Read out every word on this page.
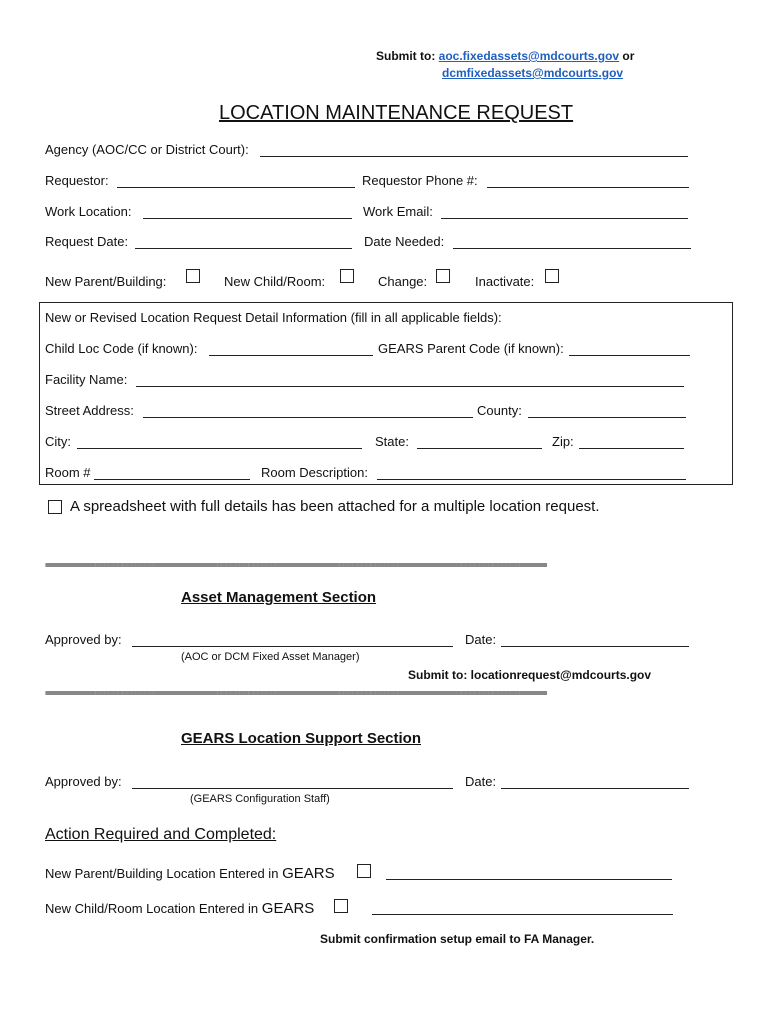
Submit to: aoc.fixedassets@mdcourts.gov or
dcmfixedassets@mdcourts.gov
LOCATION MAINTENANCE REQUEST
Agency (AOC/CC or District Court):
Requestor:	Requestor Phone #:
Work Location:	Work Email:
Request Date:	Date Needed:
New Parent/Building:	New Child/Room:	Change:	Inactivate:
New or Revised Location Request Detail Information (fill in all applicable fields):
Child Loc Code (if known):	GEARS Parent Code (if known):
Facility Name:
Street Address:	County:
City:	State:	Zip:
Room #	Room Description:
A spreadsheet with full details has been attached for a multiple location request.
===============================================================================================================
Asset Management Section
Approved by:	Date:
(AOC or DCM Fixed Asset Manager)
Submit to: locationrequest@mdcourts.gov
===============================================================================================================
GEARS Location Support Section
Approved by:	Date:
(GEARS Configuration Staff)
Action Required and Completed:
New Parent/Building Location Entered in GEARS
New Child/Room Location Entered in GEARS
Submit confirmation setup email to FA Manager.
